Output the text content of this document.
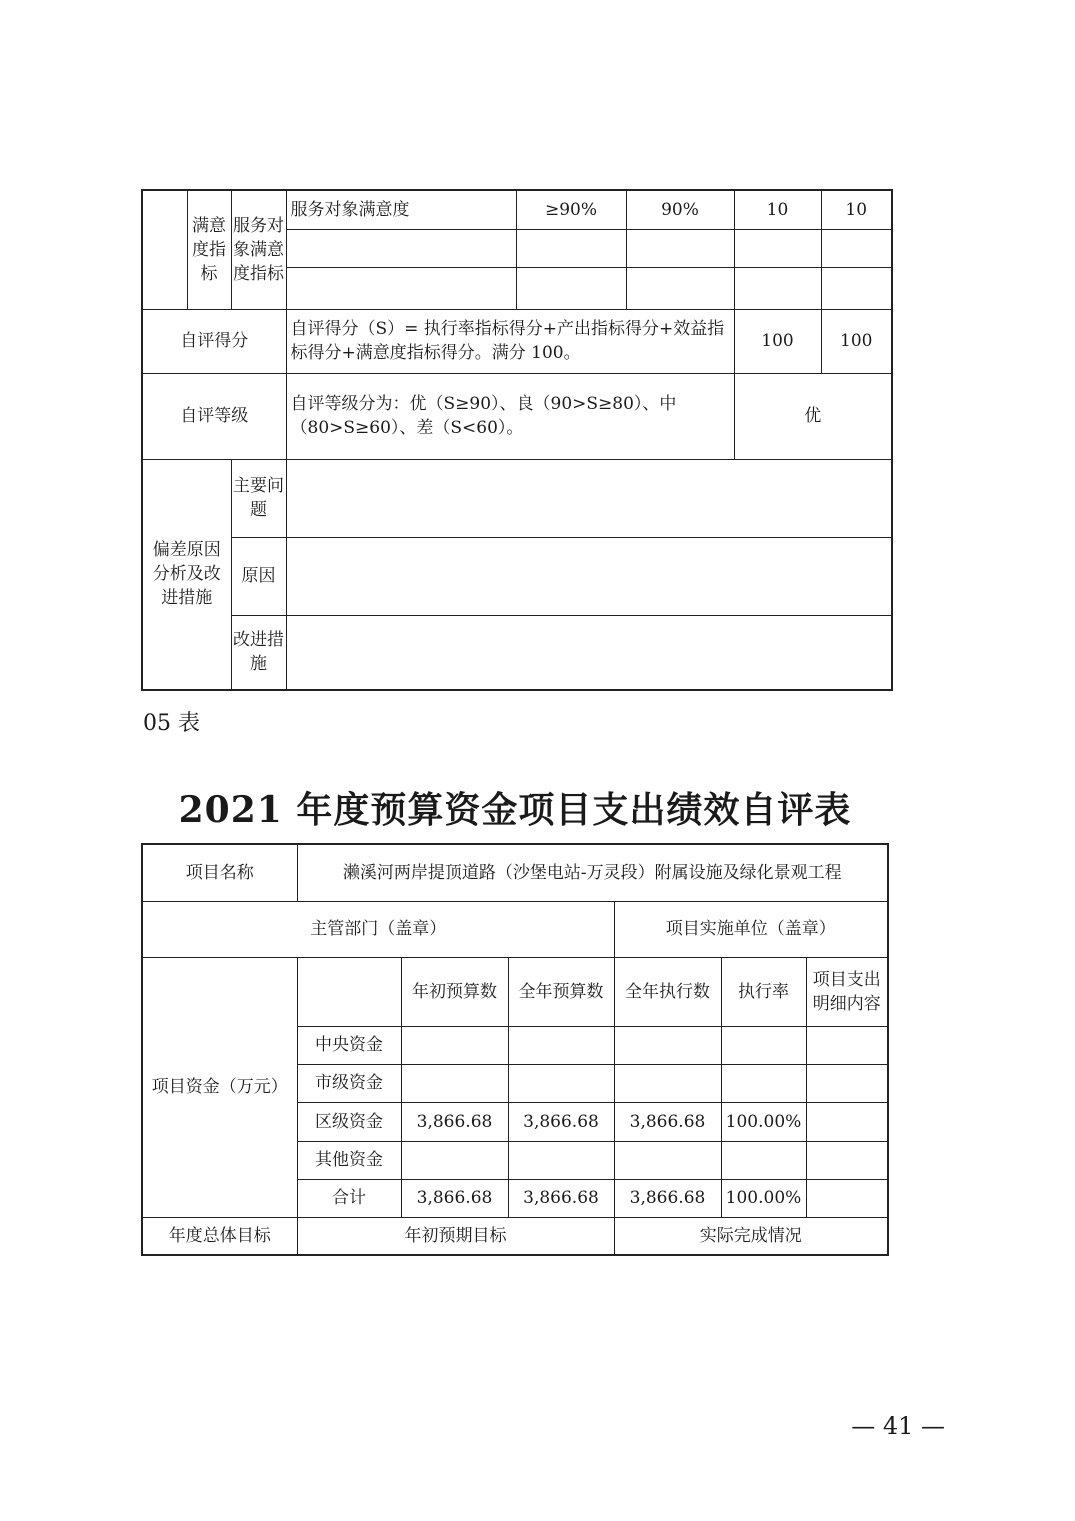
	满意度指标	服务对象满意度指标	服务对象满意度	≥90%	90%	10	10

自评得分			自评得分（S）= 执行率指标得分+产出指标得分+效益指标得分+满意度指标得分。满分 100。			100	100
自评等级			自评等级分为：优（S≥90）、良（90>S≥80）、中（80>S≥60）、差（S<60）。			优	
偏差原因分析及改进措施		主要问题					
		原因					
		改进措施					
05 表
2021 年度预算资金项目支出绩效自评表
项目名称	濑溪河两岸提顶道路（沙堡电站-万灵段）附属设施及绿化景观工程					
主管部门（盖章）				项目实施单位（盖章）		
项目资金（万元）		年初预算数	全年预算数	全年执行数	执行率	项目支出明细内容
	中央资金					
	市级资金					
	区级资金	3,866.68	3,866.68	3,866.68	100.00%	
	其他资金					
	合计	3,866.68	3,866.68	3,866.68	100.00%	
年度总体目标	年初预期目标			实际完成情况		
— 41 —
